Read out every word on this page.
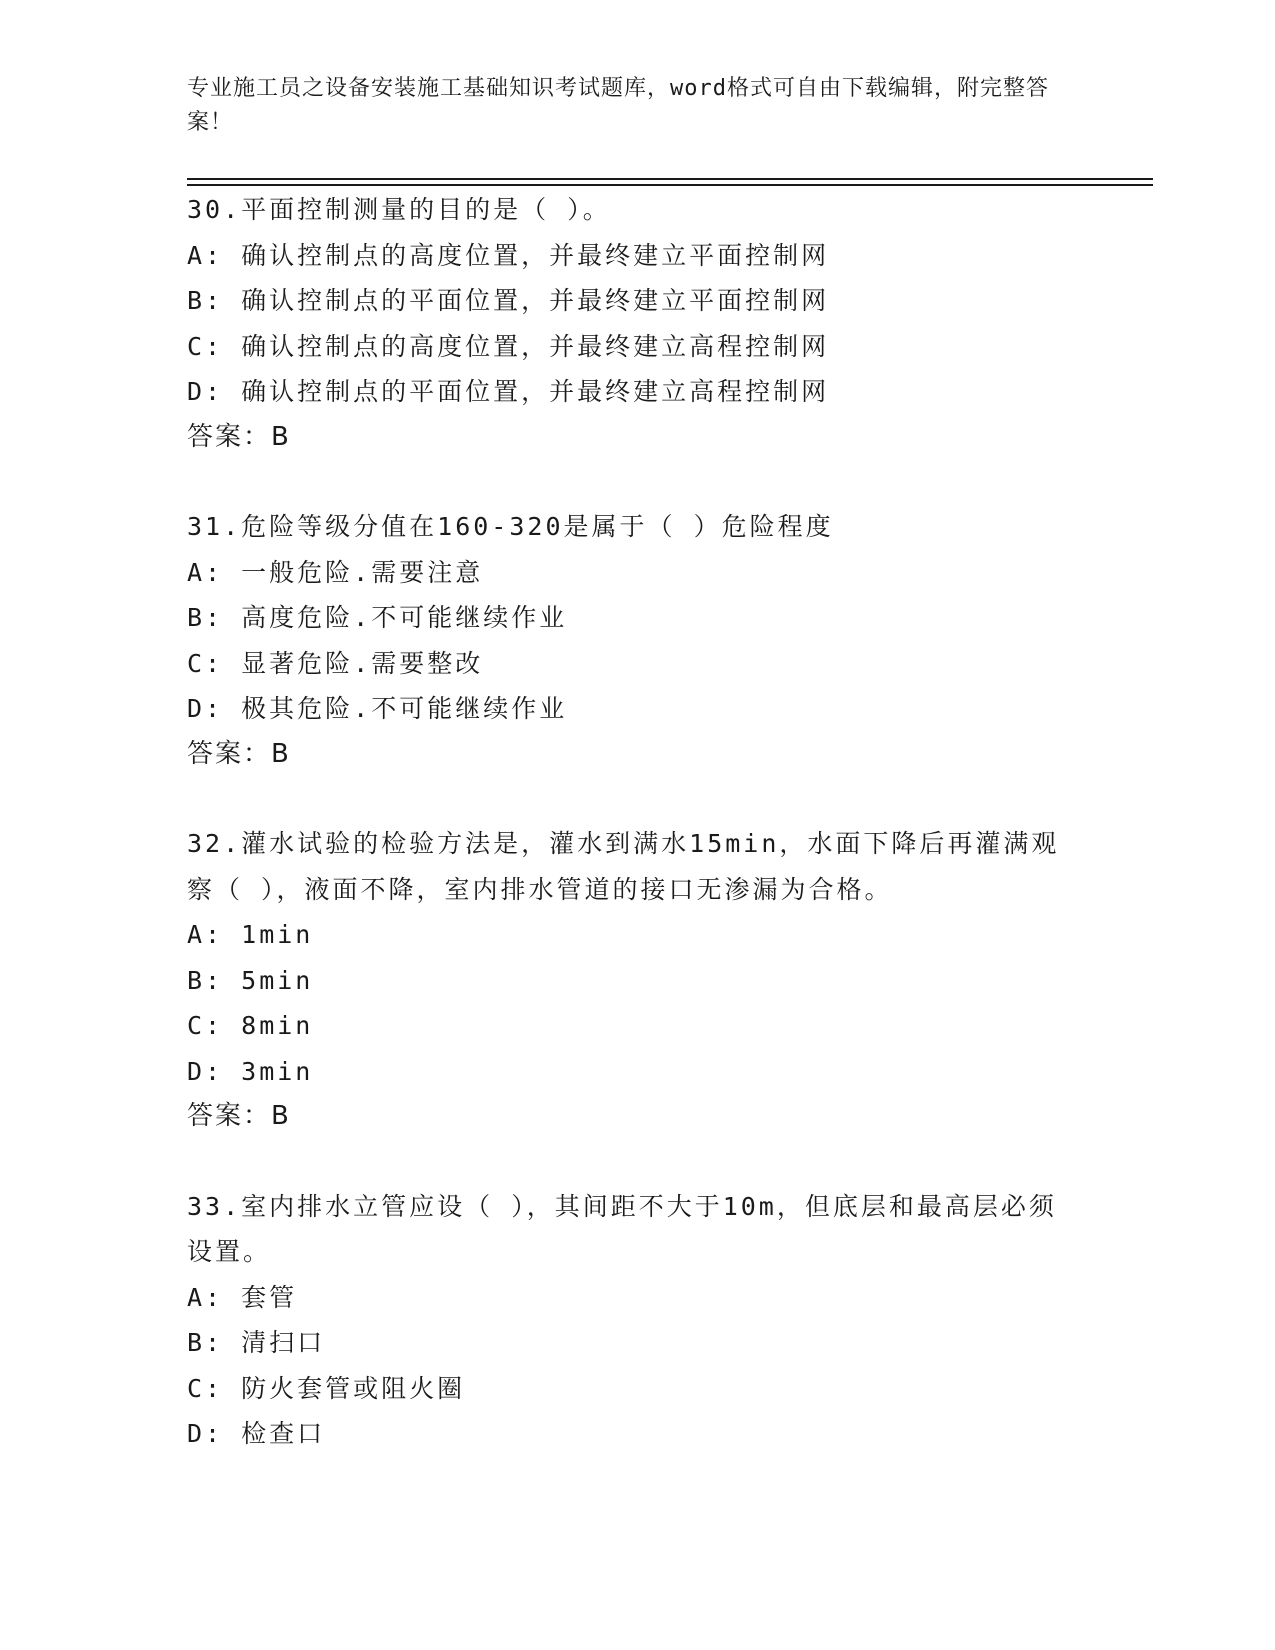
专业施工员之设备安装施工基础知识考试题库，word格式可自由下载编辑，附完整答案！
30.平面控制测量的目的是（ ）。
A: 确认控制点的高度位置，并最终建立平面控制网
B: 确认控制点的平面位置，并最终建立平面控制网
C: 确认控制点的高度位置，并最终建立高程控制网
D: 确认控制点的平面位置，并最终建立高程控制网
答案：B
31.危险等级分值在160-320是属于（ ）危险程度
A: 一般危险.需要注意
B: 高度危险.不可能继续作业
C: 显著危险.需要整改
D: 极其危险.不可能继续作业
答案：B
32.灌水试验的检验方法是，灌水到满水15min，水面下降后再灌满观察（ ），液面不降，室内排水管道的接口无渗漏为合格。
A: 1min
B: 5min
C: 8min
D: 3min
答案：B
33.室内排水立管应设（ ），其间距不大于10m，但底层和最高层必须设置。
A: 套管
B: 清扫口
C: 防火套管或阻火圈
D: 检查口
